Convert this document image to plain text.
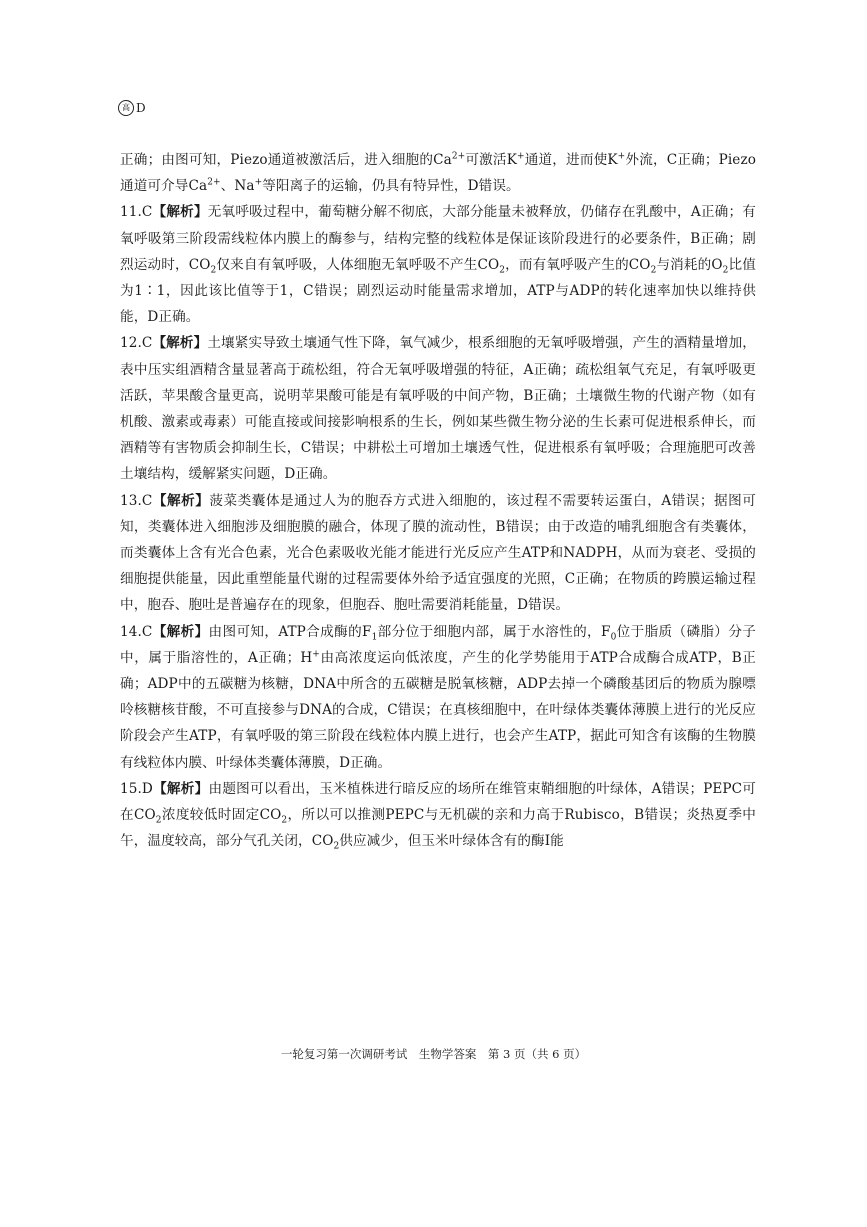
高 D

正确；由图可知，Piezo通道被激活后，进入细胞的$Ca^{2+}$可激活K+通道，进而使K+外流，C正确；Piezo通道可介导$Ca^{2+}$、Na+等阳离子的运输，仍具有特异性，D错误。

11.C【解析】无氧呼吸过程中，葡萄糖分解不彻底，大部分能量未被释放，仍储存在乳酸中，A正确；有氧呼吸第三阶段需线粒体内膜上的酶参与，结构完整的线粒体是保证该阶段进行的必要条件，B正确；剧烈运动时，$CO_2$仅来自有氧呼吸，人体细胞无氧呼吸不产生$CO_2$，而有氧呼吸产生的$CO_2$与消耗的$O_2$比值为1∶1，因此该比值等于1，C错误；剧烈运动时能量需求增加，ATP与ADP的转化速率加快以维持供能，D正确。

12.C【解析】土壤紧实导致土壤通气性下降，氧气减少，根系细胞的无氧呼吸增强，产生的酒精量增加，表中压实组酒精含量显著高于疏松组，符合无氧呼吸增强的特征，A正确；疏松组氧气充足，有氧呼吸更活跃，苹果酸含量更高，说明苹果酸可能是有氧呼吸的中间产物，B正确；土壤微生物的代谢产物（如有机酸、激素或毒素）可能直接或间接影响根系的生长，例如某些微生物分泌的生长素可促进根系伸长，而酒精等有害物质会抑制生长，C错误；中耕松土可增加土壤透气性，促进根系有氧呼吸；合理施肥可改善土壤结构，缓解紧实问题，D正确。

13.C【解析】菠菜类囊体是通过人为的胞吞方式进入细胞的，该过程不需要转运蛋白，A错误；据图可知，类囊体进入细胞涉及细胞膜的融合，体现了膜的流动性，B错误；由于改造的哺乳细胞含有类囊体，而类囊体上含有光合色素，光合色素吸收光能才能进行光反应产生ATP和NADPH，从而为衰老、受损的细胞提供能量，因此重塑能量代谢的过程需要体外给予适宜强度的光照，C正确；在物质的跨膜运输过程中，胞吞、胞吐是普遍存在的现象，但胞吞、胞吐需要消耗能量，D错误。

14.C【解析】由图可知，ATP合成酶的$F_1$部分位于细胞内部，属于水溶性的，$F_0$位于脂质（磷脂）分子中，属于脂溶性的，A正确；H+由高浓度运向低浓度，产生的化学势能用于ATP合成酶合成ATP，B正确；ADP中的五碳糖为核糖，DNA中所含的五碳糖是脱氧核糖，ADP去掉一个磷酸基团后的物质为腺嘌呤核糖核苷酸，不可直接参与DNA的合成，C错误；在真核细胞中，在叶绿体类囊体薄膜上进行的光反应阶段会产生ATP，有氧呼吸的第三阶段在线粒体内膜上进行，也会产生ATP，据此可知含有该酶的生物膜有线粒体内膜、叶绿体类囊体薄膜，D正确。

15.D【解析】由题图可以看出，玉米植株进行暗反应的场所在维管束鞘细胞的叶绿体，A错误；PEPC可在$CO_2$浓度较低时固定$CO_2$，所以可以推测PEPC与无机碳的亲和力高于Rubisco，B错误；炎热夏季中午，温度较高，部分气孔关闭，$CO_2$供应减少，但玉米叶绿体含有的酶Ⅰ能

一轮复习第一次调研考试　生物学答案　第 3 页（共 6 页）
